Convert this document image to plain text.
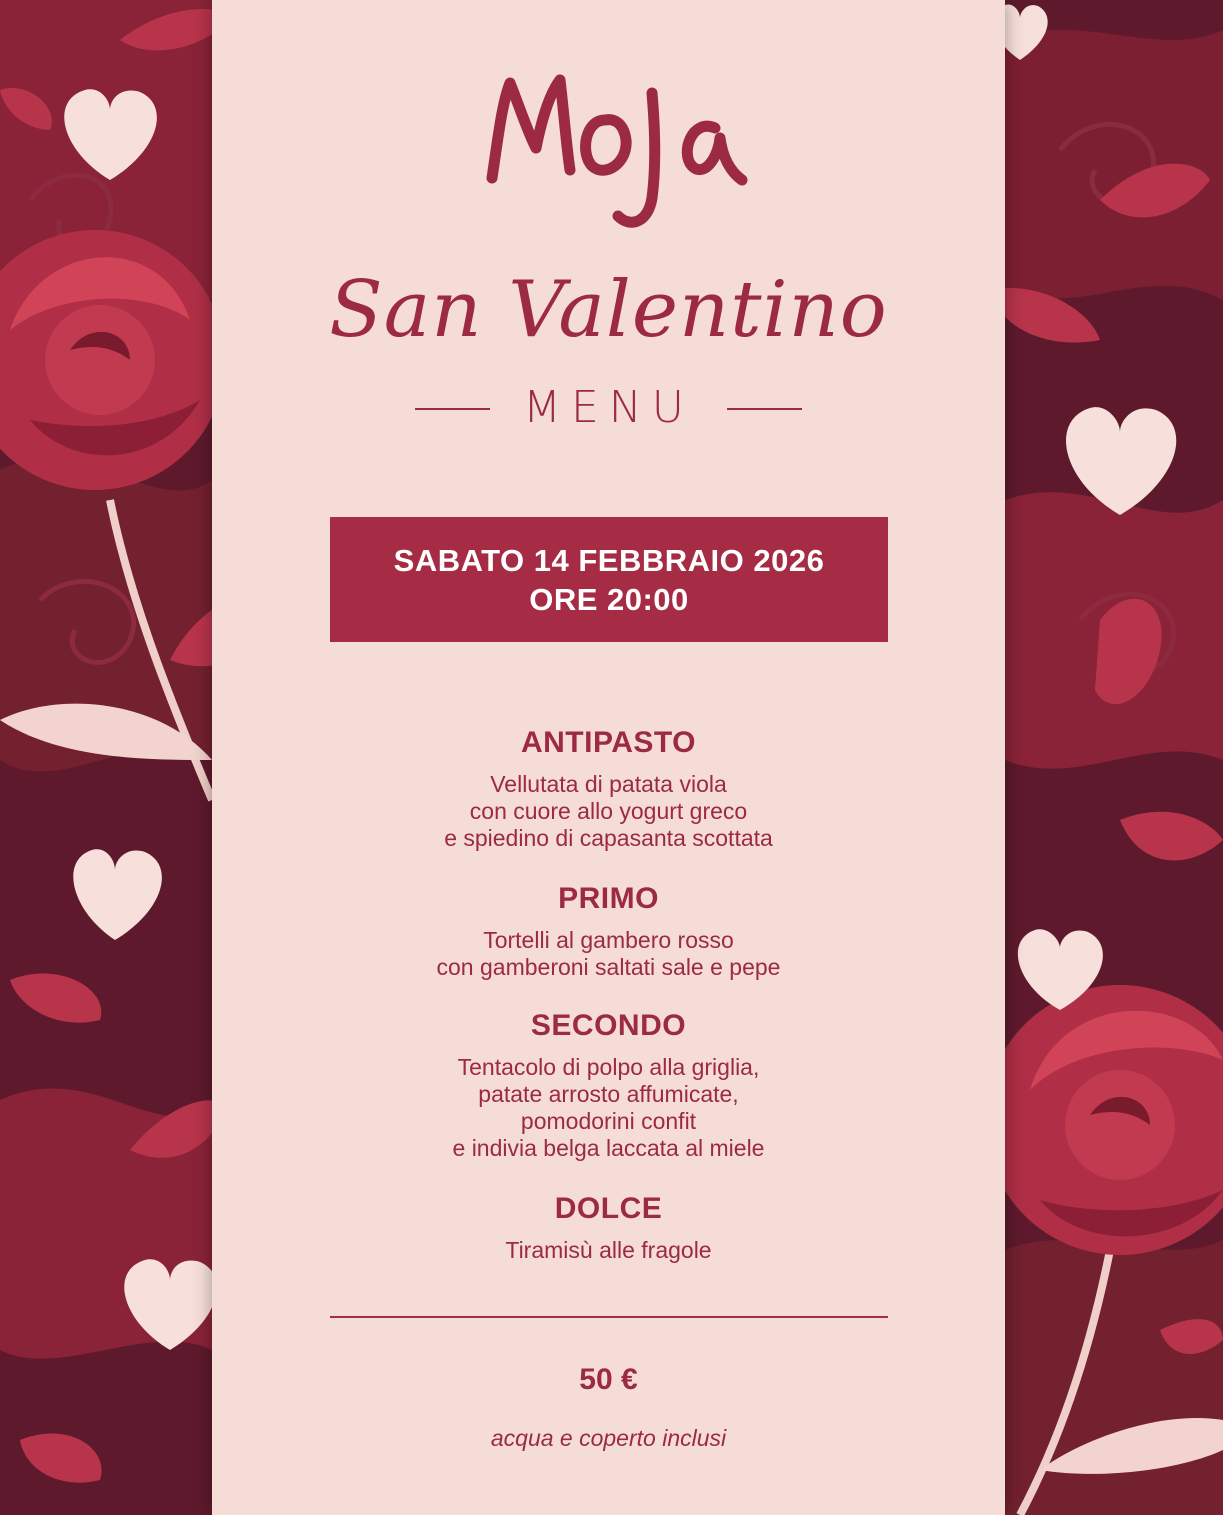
San Valentino
MENU
SABATO 14 FEBBRAIO 2026
ORE 20:00
ANTIPASTO
Vellutata di patata viola
con cuore allo yogurt greco
e spiedino di capasanta scottata
PRIMO
Tortelli al gambero rosso
con gamberoni saltati sale e pepe
SECONDO
Tentacolo di polpo alla griglia,
patate arrosto affumicate,
pomodorini confit
e indivia belga laccata al miele
DOLCE
Tiramisù alle fragole
50 €
acqua e coperto inclusi
